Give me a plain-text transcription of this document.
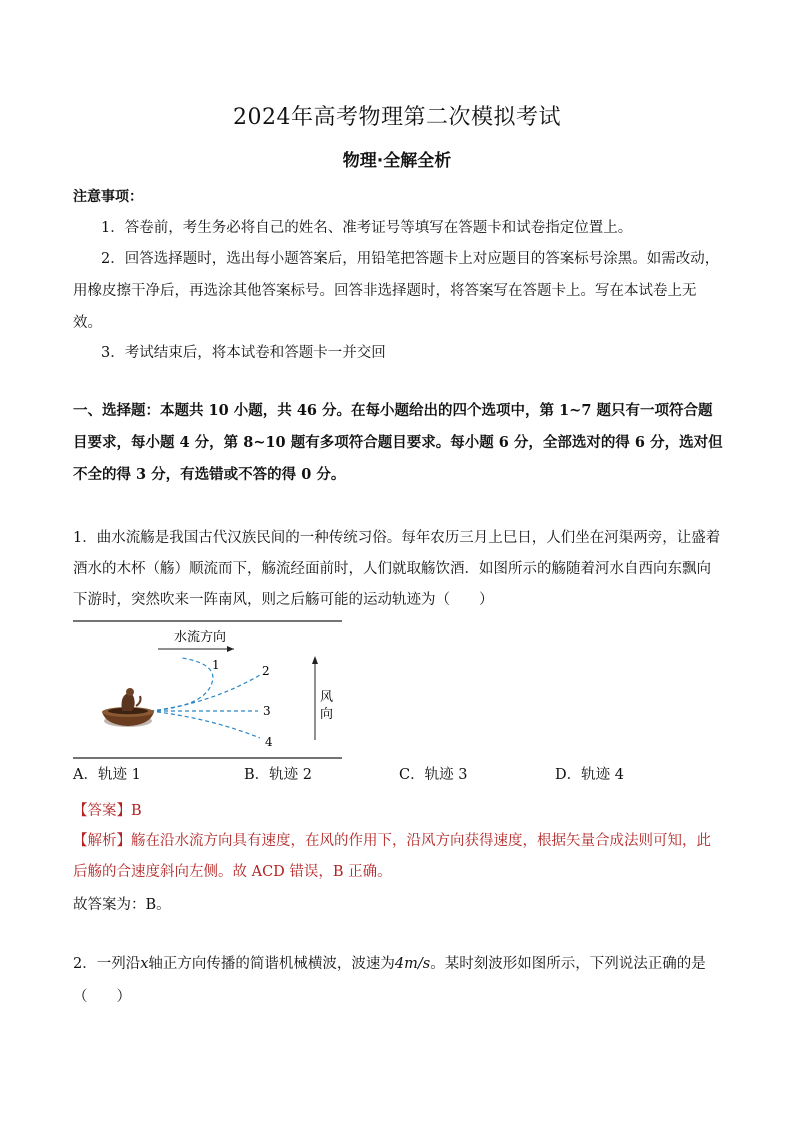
2024年高考物理第二次模拟考试
物理·全解全析
注意事项：
1．答卷前，考生务必将自己的姓名、准考证号等填写在答题卡和试卷指定位置上。
2．回答选择题时，选出每小题答案后，用铅笔把答题卡上对应题目的答案标号涂黑。如需改动，用橡皮擦干净后，再选涂其他答案标号。回答非选择题时，将答案写在答题卡上。写在本试卷上无效。
3．考试结束后，将本试卷和答题卡一并交回
一、选择题：本题共 10 小题，共 46 分。在每小题给出的四个选项中，第 1~7 题只有一项符合题目要求，每小题 4 分，第 8~10 题有多项符合题目要求。每小题 6 分，全部选对的得 6 分，选对但不全的得 3 分，有选错或不答的得 0 分。
1．曲水流觞是我国古代汉族民间的一种传统习俗。每年农历三月上巳日，人们坐在河渠两旁，让盛着酒水的木杯（觞）顺流而下，觞流经面前时，人们就取觞饮酒．如图所示的觞随着河水自西向东飘向下游时，突然吹来一阵南风，则之后觞可能的运动轨迹为（　　）
水流方向
风
向
1	2
3
4
A．轨迹 1	B．轨迹 2	C．轨迹 3	D．轨迹 4
【答案】B
【解析】觞在沿水流方向具有速度，在风的作用下，沿风方向获得速度，根据矢量合成法则可知，此后觞的合速度斜向左侧。故 ACD 错误，B 正确。
故答案为：B。
2．一列沿x轴正方向传播的简谐机械横波，波速为4m/s。某时刻波形如图所示，下列说法正确的是（　　）
